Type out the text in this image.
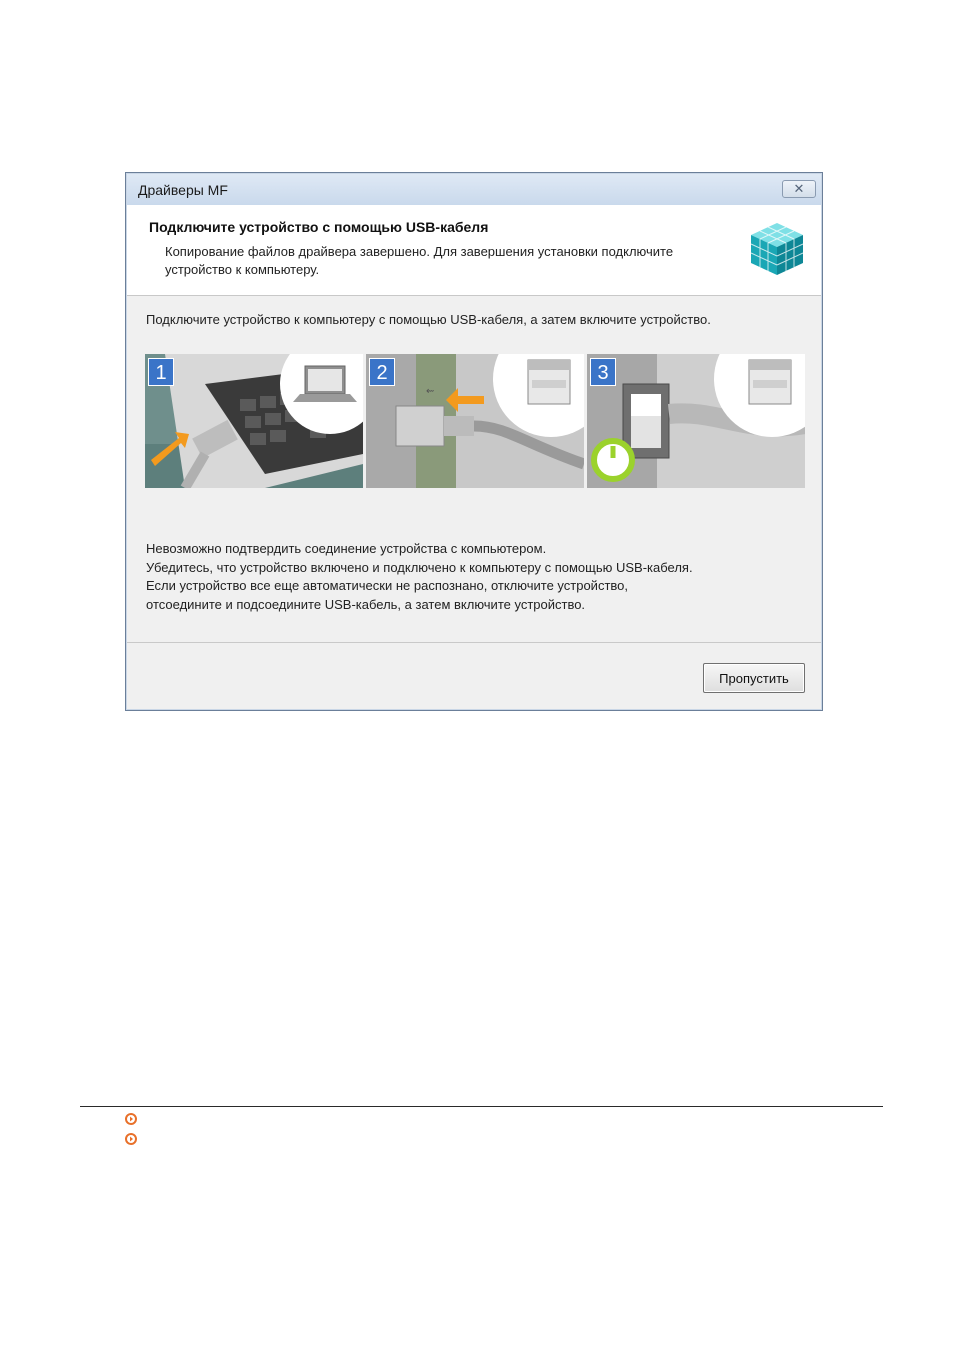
Драйверы MF	✕
Подключите устройство с помощью USB-кабеля
Копирование файлов драйвера завершено. Для завершения установки подключите устройство к компьютеру.
Подключите устройство к компьютеру с помощью USB-кабеля, а затем включите устройство.
1
⇜
2	3

Невозможно подтвердить соединение устройства с компьютером.

Убедитесь, что устройство включено и подключено к компьютеру с помощью USB-кабеля.

Если устройство все еще автоматически не распознано, отключите устройство,

отсоедините и подсоедините USB-кабель, а затем включите устройство.

Пропустить
